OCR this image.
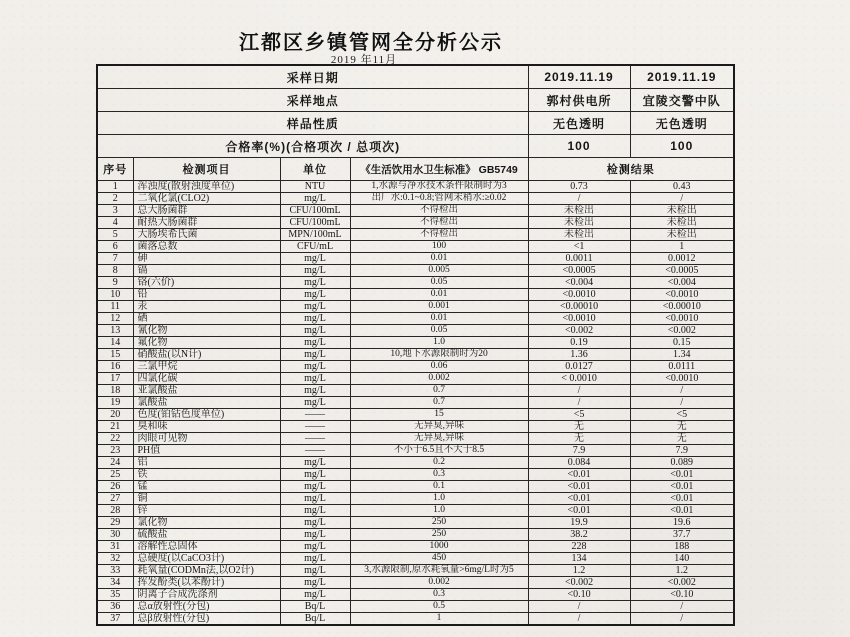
江都区乡镇管网全分析公示
2019 年11月
采样日期				2019.11.19	2019.11.19
采样地点				郭村供电所	宜陵交警中队
样品性质				无色透明	无色透明
合格率(%)(合格项次 / 总项次)				100	100
序号	检测项目	单位	《生活饮用水卫生标准》 GB5749	检测结果	
1	浑浊度(散射浊度单位)	NTU	1,水源与净水技术条件限制时为3	0.73	0.43
2	二氧化氯(CLO2)	mg/L	出厂水:0.1~0.8;管网末稍水:≥0.02	/	/
3	总大肠菌群	CFU/100mL	不得检出	未检出	未检出
4	耐热大肠菌群	CFU/100mL	不得检出	未检出	未检出
5	大肠埃希氏菌	MPN/100mL	不得检出	未检出	未检出
6	菌落总数	CFU/mL	100	<1	1
7	砷	mg/L	0.01	0.0011	0.0012
8	镉	mg/L	0.005	<0.0005	<0.0005
9	铬(六价)	mg/L	0.05	<0.004	<0.004
10	铅	mg/L	0.01	<0.0010	<0.0010
11	汞	mg/L	0.001	<0.00010	<0.00010
12	硒	mg/L	0.01	<0.0010	<0.0010
13	氰化物	mg/L	0.05	<0.002	<0.002
14	氟化物	mg/L	1.0	0.19	0.15
15	硝酸盐(以N计)	mg/L	10,地下水源限制时为20	1.36	1.34
16	三氯甲烷	mg/L	0.06	0.0127	0.0111
17	四氯化碳	mg/L	0.002	< 0.0010	<0.0010
18	亚氯酸盐	mg/L	0.7	/	/
19	氯酸盐	mg/L	0.7	/	/
20	色度(铂钴色度单位)	——	15	<5	<5
21	臭和味	——	无异臭,异味	无	无
22	肉眼可见物	——	无异臭,异味	无	无
23	PH值	——	不小于6.5且不大于8.5	7.9	7.9
24	铝	mg/L	0.2	0.084	0.089
25	铁	mg/L	0.3	<0.01	<0.01
26	锰	mg/L	0.1	<0.01	<0.01
27	铜	mg/L	1.0	<0.01	<0.01
28	锌	mg/L	1.0	<0.01	<0.01
29	氯化物	mg/L	250	19.9	19.6
30	硫酸盐	mg/L	250	38.2	37.7
31	溶解性总固体	mg/L	1000	228	188
32	总硬度(以CaCO3计)	mg/L	450	134	140
33	耗氧量(CODMn法,以O2计)	mg/L	3,水源限制,原水耗氧量>6mg/L时为5	1.2	1.2
34	挥发酚类(以苯酚计)	mg/L	0.002	<0.002	<0.002
35	阴离子合成洗涤剂	mg/L	0.3	<0.10	<0.10
36	总α放射性(分包)	Bq/L	0.5	/	/
37	总β放射性(分包)	Bq/L	1	/	/
